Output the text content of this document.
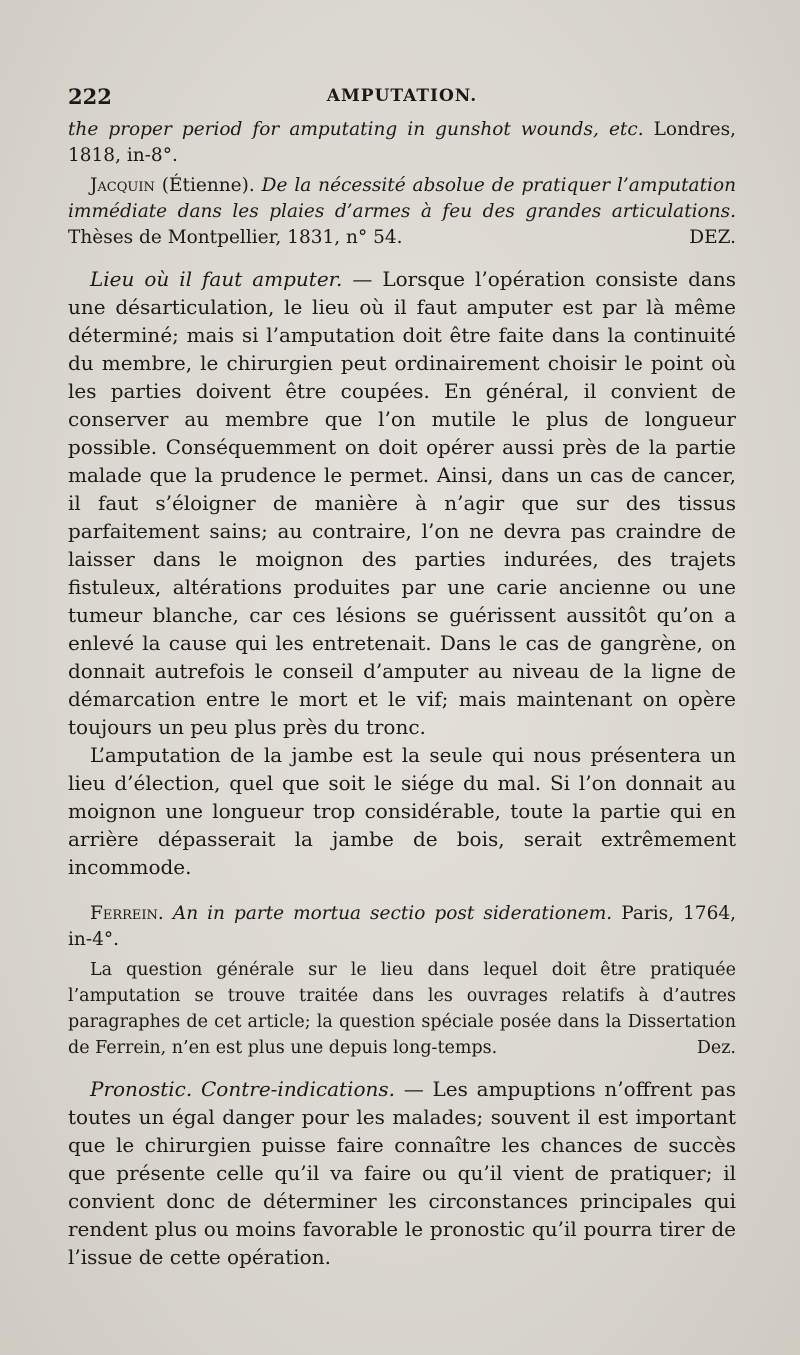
222	AMPUTATION.

the proper period for amputating in gunshot wounds, etc. Londres, 1818, in-8°.

Jacquin (Étienne). De la nécessité absolue de pratiquer l’amputation immédiate dans les plaies d’armes à feu des grandes articulations. Thèses de Montpellier, 1831, n° 54.	DEZ.

Lieu où il faut amputer. — Lorsque l’opération consiste dans une désarticulation, le lieu où il faut amputer est par là même déterminé; mais si l’amputation doit être faite dans la continuité du membre, le chirurgien peut ordinairement choisir le point où les parties doivent être coupées. En général, il convient de conserver au membre que l’on mutile le plus de longueur possible. Conséquemment on doit opérer aussi près de la partie malade que la prudence le permet. Ainsi, dans un cas de cancer, il faut s’éloigner de manière à n’agir que sur des tissus parfaitement sains; au contraire, l’on ne devra pas craindre de laisser dans le moignon des parties indurées, des trajets fistuleux, altérations produites par une carie ancienne ou une tumeur blanche, car ces lésions se guérissent aussitôt qu’on a enlevé la cause qui les entretenait. Dans le cas de gangrène, on donnait autrefois le conseil d’amputer au niveau de la ligne de démarcation entre le mort et le vif; mais maintenant on opère toujours un peu plus près du tronc.

L’amputation de la jambe est la seule qui nous présentera un lieu d’élection, quel que soit le siége du mal. Si l’on donnait au moignon une longueur trop considérable, toute la partie qui en arrière dépasserait la jambe de bois, serait extrêmement incommode.

Ferrein. An in parte mortua sectio post siderationem. Paris, 1764, in-4°.

La question générale sur le lieu dans lequel doit être pratiquée l’amputation se trouve traitée dans les ouvrages relatifs à d’autres paragraphes de cet article; la question spéciale posée dans la Dissertation de Ferrein, n’en est plus une depuis long-temps.	Dez.

Pronostic. Contre-indications. — Les ampuptions n’offrent pas toutes un égal danger pour les malades; souvent il est important que le chirurgien puisse faire connaître les chances de succès que présente celle qu’il va faire ou qu’il vient de pratiquer; il convient donc de déterminer les circonstances principales qui rendent plus ou moins favorable le pronostic qu’il pourra tirer de l’issue de cette opération.
